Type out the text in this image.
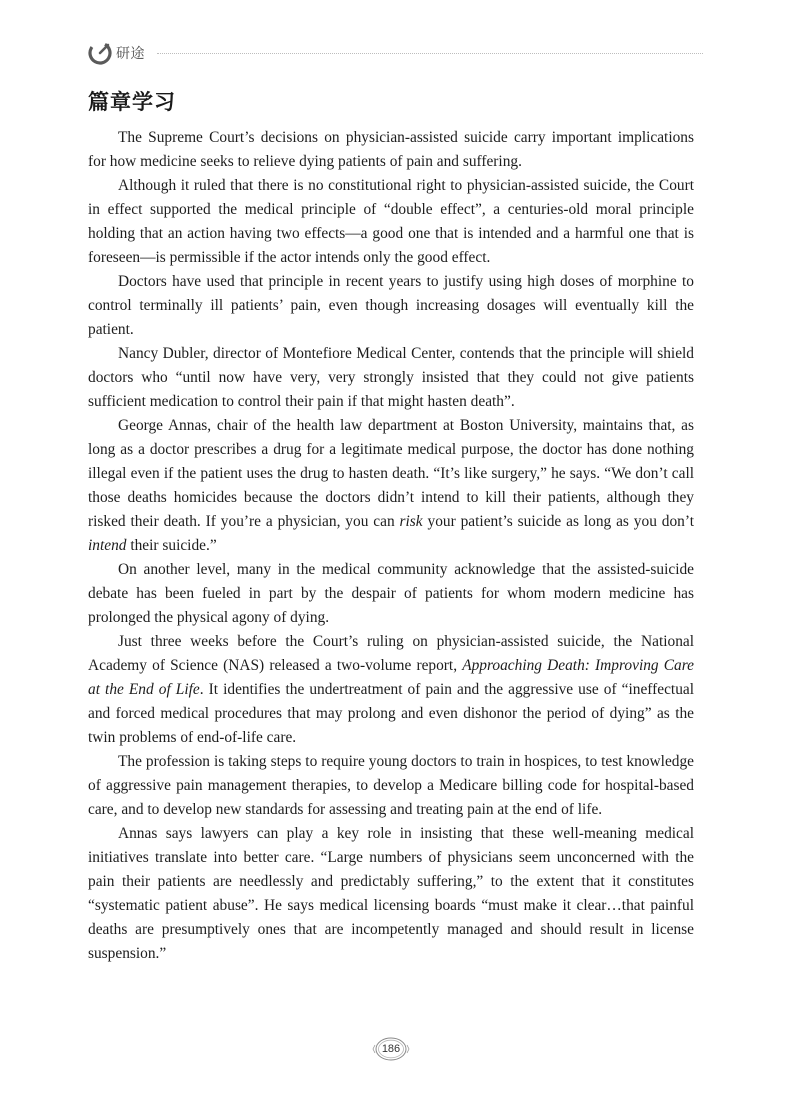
研途
篇章学习

The Supreme Court’s decisions on physician-assisted suicide carry important implications for how medicine seeks to relieve dying patients of pain and suffering.

Although it ruled that there is no constitutional right to physician-assisted suicide, the Court in effect supported the medical principle of “double effect”, a centuries-old moral principle holding that an action having two effects—a good one that is intended and a harmful one that is foreseen—is permissible if the actor intends only the good effect.

Doctors have used that principle in recent years to justify using high doses of morphine to control terminally ill patients’ pain, even though increasing dosages will eventually kill the patient.

Nancy Dubler, director of Montefiore Medical Center, contends that the principle will shield doctors who “until now have very, very strongly insisted that they could not give patients sufficient medication to control their pain if that might hasten death”.

George Annas, chair of the health law department at Boston University, maintains that, as long as a doctor prescribes a drug for a legitimate medical purpose, the doctor has done nothing illegal even if the patient uses the drug to hasten death. “It’s like surgery,” he says. “We don’t call those deaths homicides because the doctors didn’t intend to kill their patients, although they risked their death. If you’re a physician, you can risk your patient’s suicide as long as you don’t intend their suicide.”

On another level, many in the medical community acknowledge that the assisted-suicide debate has been fueled in part by the despair of patients for whom modern medicine has prolonged the physical agony of dying.

Just three weeks before the Court’s ruling on physician-assisted suicide, the National Academy of Science (NAS) released a two-volume report, Approaching Death: Improving Care at the End of Life. It identifies the undertreatment of pain and the aggressive use of “ineffectual and forced medical procedures that may prolong and even dishonor the period of dying” as the twin problems of end-of-life care.

The profession is taking steps to require young doctors to train in hospices, to test knowledge of aggressive pain management therapies, to develop a Medicare billing code for hospital-based care, and to develop new standards for assessing and treating pain at the end of life.

Annas says lawyers can play a key role in insisting that these well-meaning medical initiatives translate into better care. “Large numbers of physicians seem unconcerned with the pain their patients are needlessly and predictably suffering,” to the extent that it constitutes “systematic patient abuse”. He says medical licensing boards “must make it clear…that painful deaths are presumptively ones that are incompetently managed and should result in license suspension.”

186
